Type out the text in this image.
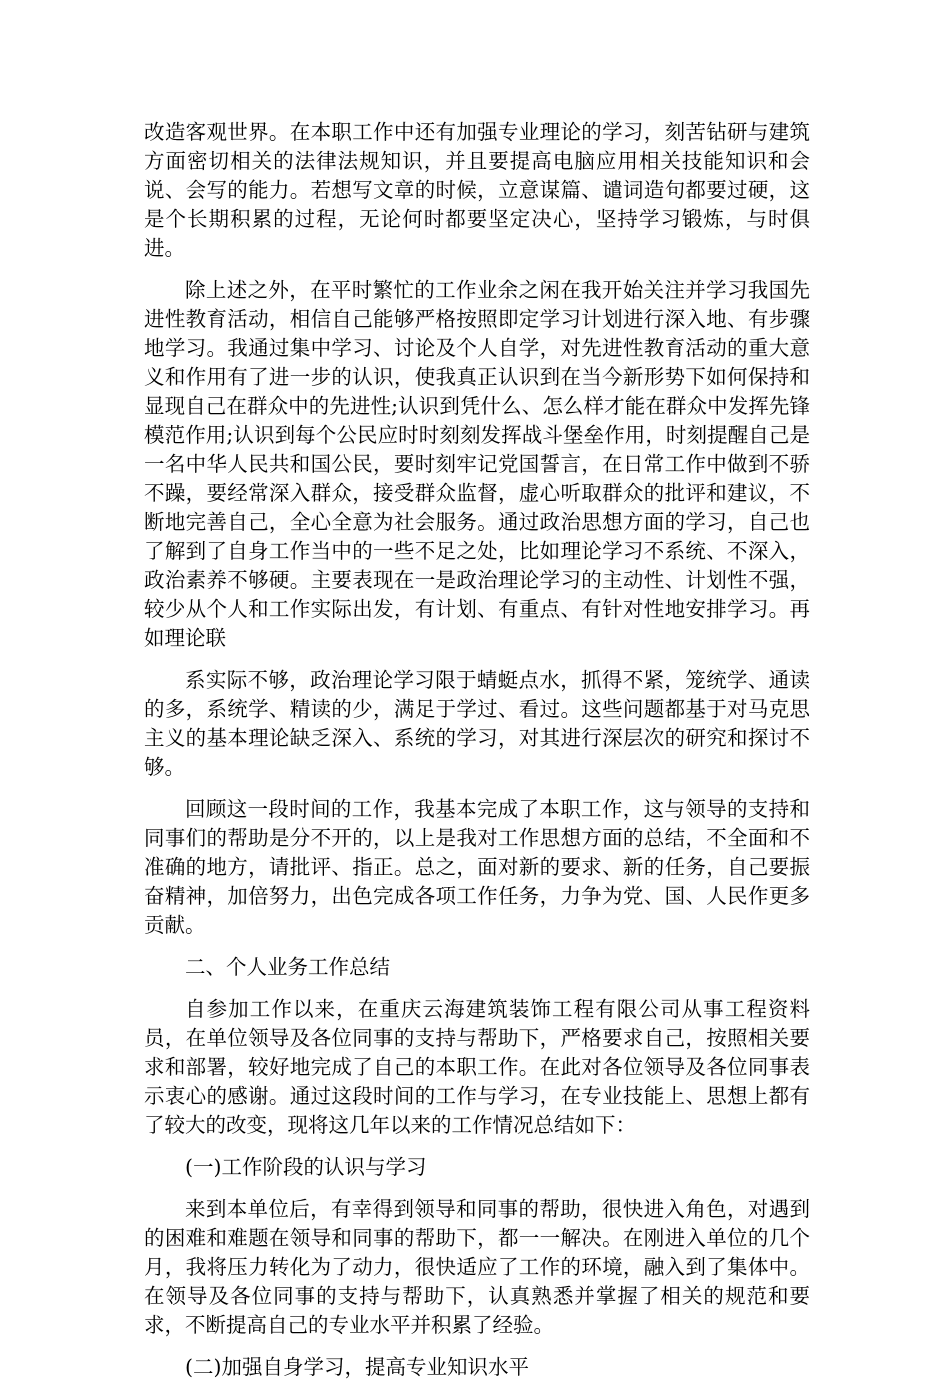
改造客观世界。在本职工作中还有加强专业理论的学习，刻苦钻研与建筑方面密切相关的法律法规知识，并且要提高电脑应用相关技能知识和会说、会写的能力。若想写文章的时候，立意谋篇、谴词造句都要过硬，这是个长期积累的过程，无论何时都要坚定决心，坚持学习锻炼，与时俱进。

除上述之外，在平时繁忙的工作业余之闲在我开始关注并学习我国先进性教育活动，相信自己能够严格按照即定学习计划进行深入地、有步骤地学习。我通过集中学习、讨论及个人自学，对先进性教育活动的重大意义和作用有了进一步的认识，使我真正认识到在当今新形势下如何保持和显现自己在群众中的先进性;认识到凭什么、怎么样才能在群众中发挥先锋模范作用;认识到每个公民应时时刻刻发挥战斗堡垒作用，时刻提醒自己是一名中华人民共和国公民，要时刻牢记党国誓言，在日常工作中做到不骄不躁，要经常深入群众，接受群众监督，虚心听取群众的批评和建议，不断地完善自己，全心全意为社会服务。通过政治思想方面的学习，自己也了解到了自身工作当中的一些不足之处，比如理论学习不系统、不深入，政治素养不够硬。主要表现在一是政治理论学习的主动性、计划性不强，较少从个人和工作实际出发，有计划、有重点、有针对性地安排学习。再如理论联

系实际不够，政治理论学习限于蜻蜓点水，抓得不紧，笼统学、通读的多，系统学、精读的少，满足于学过、看过。这些问题都基于对马克思主义的基本理论缺乏深入、系统的学习，对其进行深层次的研究和探讨不够。

回顾这一段时间的工作，我基本完成了本职工作，这与领导的支持和同事们的帮助是分不开的，以上是我对工作思想方面的总结，不全面和不准确的地方，请批评、指正。总之，面对新的要求、新的任务，自己要振奋精神，加倍努力，出色完成各项工作任务，力争为党、国、人民作更多贡献。

二、个人业务工作总结

自参加工作以来，在重庆云海建筑装饰工程有限公司从事工程资料员，在单位领导及各位同事的支持与帮助下，严格要求自己，按照相关要求和部署，较好地完成了自己的本职工作。在此对各位领导及各位同事表示衷心的感谢。通过这段时间的工作与学习，在专业技能上、思想上都有了较大的改变，现将这几年以来的工作情况总结如下：

(一)工作阶段的认识与学习

来到本单位后，有幸得到领导和同事的帮助，很快进入角色，对遇到的困难和难题在领导和同事的帮助下，都一一解决。在刚进入单位的几个月，我将压力转化为了动力，很快适应了工作的环境，融入到了集体中。在领导及各位同事的支持与帮助下，认真熟悉并掌握了相关的规范和要求，不断提高自己的专业水平并积累了经验。

(二)加强自身学习，提高专业知识水平
